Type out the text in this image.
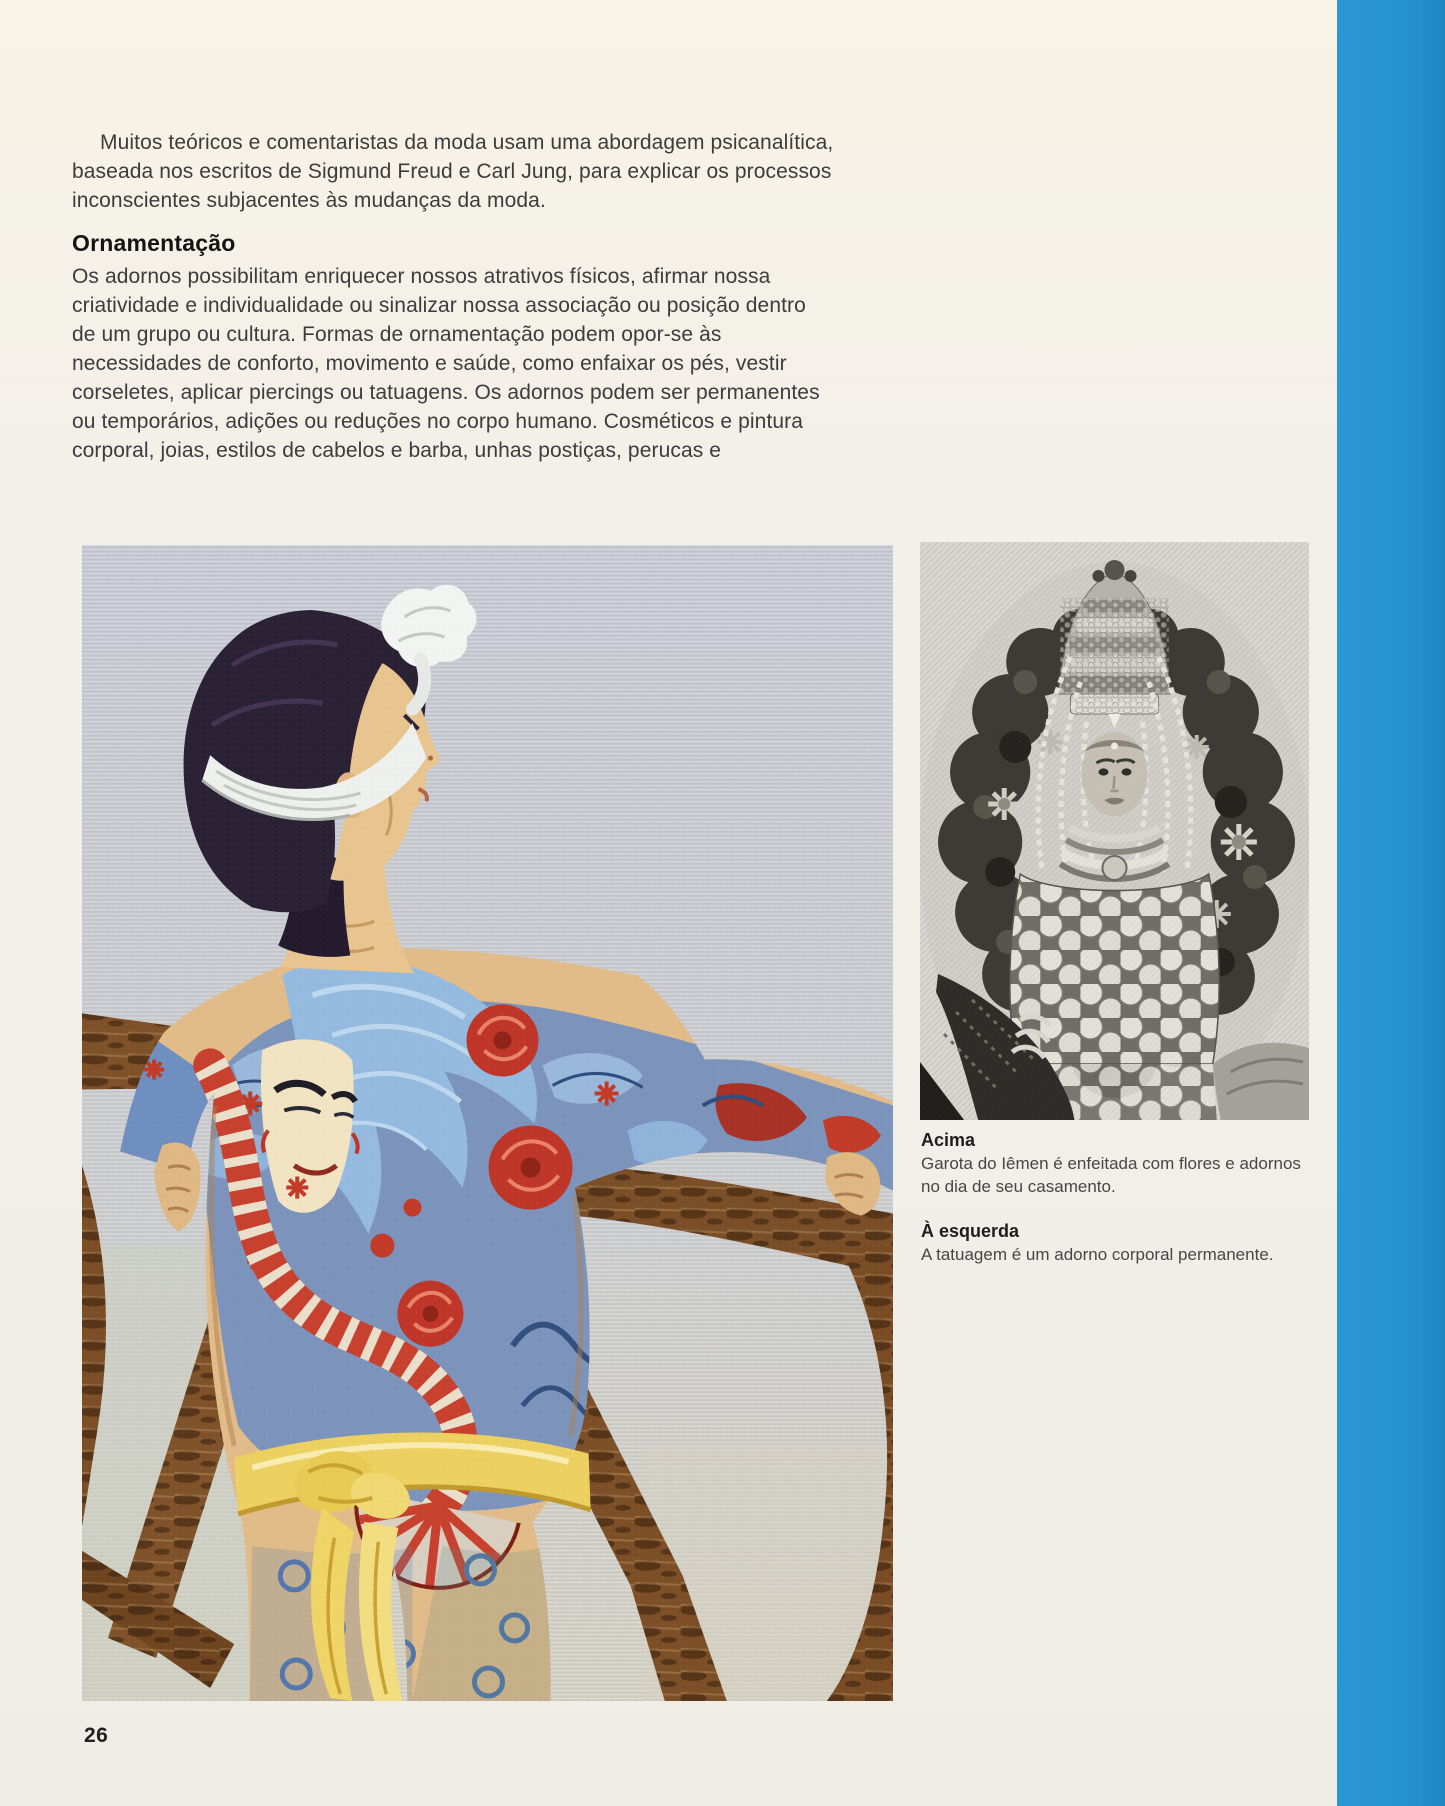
Muitos teóricos e comentaristas da moda usam uma abordagem psicanalítica,
baseada nos escritos de Sigmund Freud e Carl Jung, para explicar os processos
inconscientes subjacentes às mudanças da moda.
Ornamentação
Os adornos possibilitam enriquecer nossos atrativos físicos, afirmar nossa
criatividade e individualidade ou sinalizar nossa associação ou posição dentro
de um grupo ou cultura. Formas de ornamentação podem opor-se às
necessidades de conforto, movimento e saúde, como enfaixar os pés, vestir
corseletes, aplicar piercings ou tatuagens. Os adornos podem ser permanentes
ou temporários, adições ou reduções no corpo humano. Cosméticos e pintura
corporal, joias, estilos de cabelos e barba, unhas postiças, perucas e
Acima
Garota do Iêmen é enfeitada com flores e adornos
no dia de seu casamento.
À esquerda
A tatuagem é um adorno corporal permanente.
26
